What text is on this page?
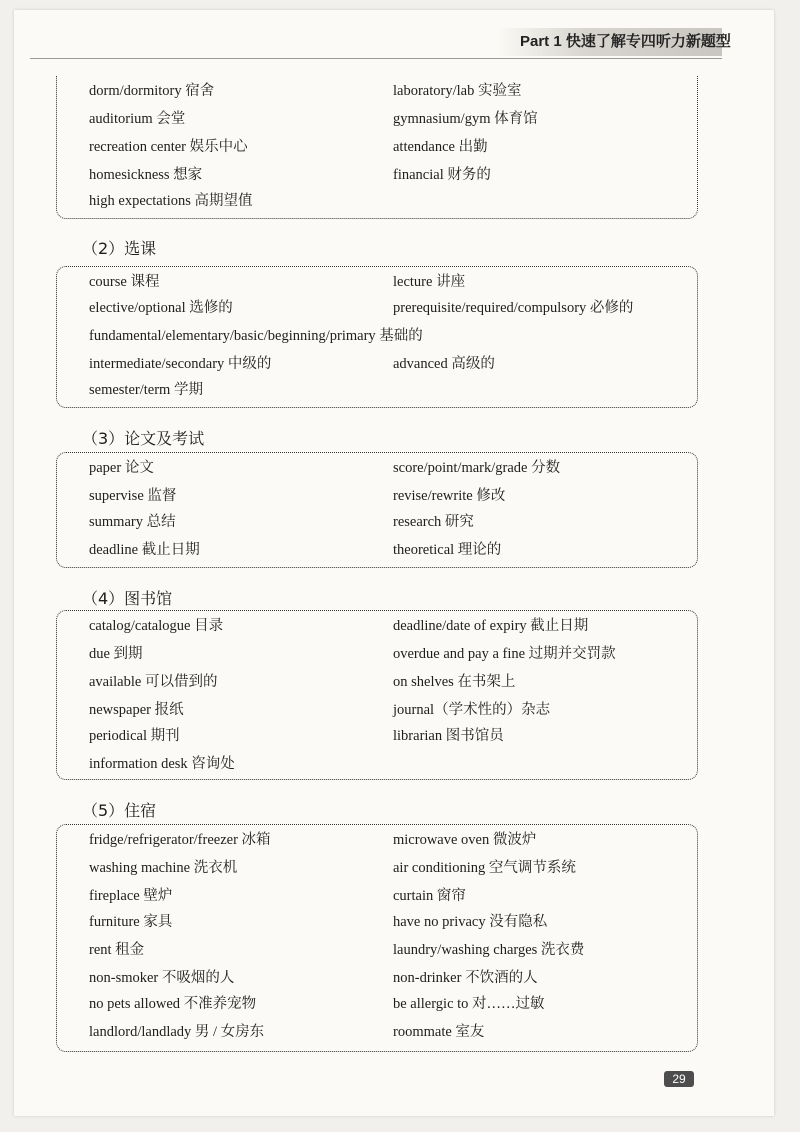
Part 1 快速了解专四听力新题型
dorm/dormitory 宿舍	laboratory/lab 实验室
auditorium 会堂	gymnasium/gym 体育馆
recreation center 娱乐中心	attendance 出勤
homesickness 想家	financial 财务的
high expectations 高期望值
（2）选课
course 课程	lecture 讲座
elective/optional 选修的	prerequisite/required/compulsory 必修的
fundamental/elementary/basic/beginning/primary 基础的
intermediate/secondary 中级的	advanced 高级的
semester/term 学期
（3）论文及考试
paper 论文	score/point/mark/grade 分数
supervise 监督	revise/rewrite 修改
summary 总结	research 研究
deadline 截止日期	theoretical 理论的
（4）图书馆
catalog/catalogue 目录	deadline/date of expiry 截止日期
due 到期	overdue and pay a fine 过期并交罚款
available 可以借到的	on shelves 在书架上
newspaper 报纸	journal（学术性的）杂志
periodical 期刊	librarian 图书馆员
information desk 咨询处
（5）住宿
fridge/refrigerator/freezer 冰箱	microwave oven 微波炉
washing machine 洗衣机	air conditioning 空气调节系统
fireplace 壁炉	curtain 窗帘
furniture 家具	have no privacy 没有隐私
rent 租金	laundry/washing charges 洗衣费
non-smoker 不吸烟的人	non-drinker 不饮酒的人
no pets allowed 不准养宠物	be allergic to 对……过敏
landlord/landlady 男 / 女房东	roommate 室友
29
